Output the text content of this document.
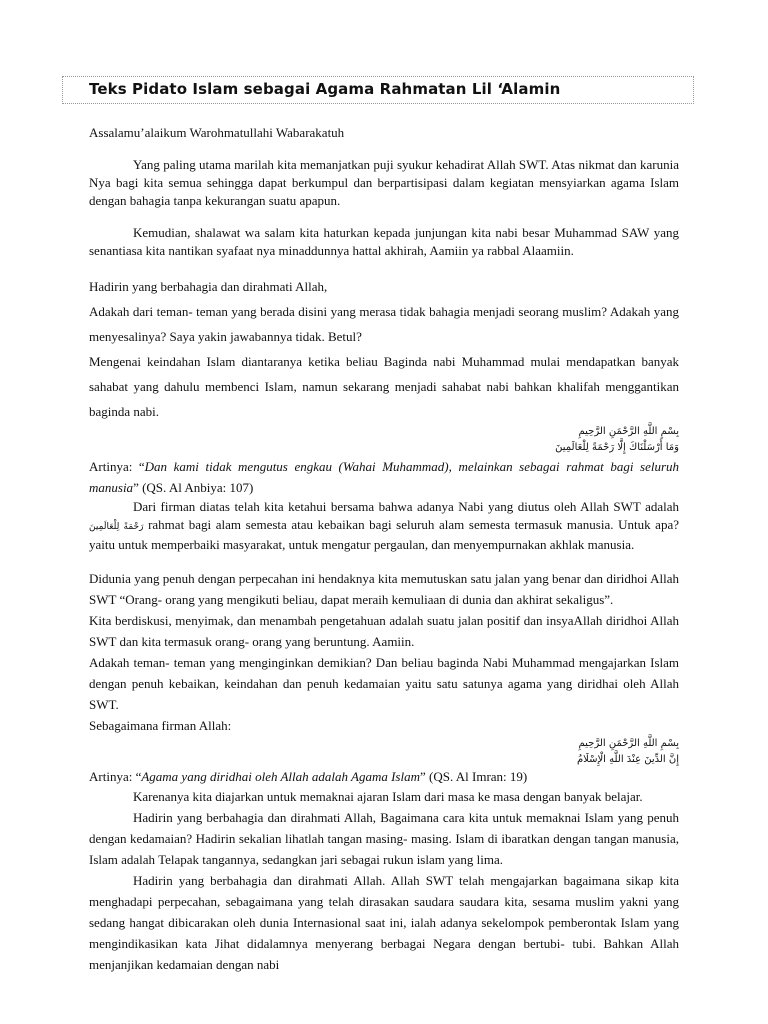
Teks Pidato Islam sebagai Agama Rahmatan Lil ‘Alamin

Assalamu’alaikum Warohmatullahi Wabarakatuh

Yang paling utama marilah kita memanjatkan puji syukur kehadirat Allah SWT. Atas nikmat dan karunia Nya bagi kita semua sehingga dapat berkumpul dan berpartisipasi dalam kegiatan mensyiarkan agama Islam dengan bahagia tanpa kekurangan suatu apapun.

Kemudian, shalawat wa salam kita haturkan kepada junjungan kita nabi besar Muhammad SAW yang senantiasa kita nantikan syafaat nya minaddunnya hattal akhirah, Aamiin ya rabbal Alaamiin.

Hadirin yang berbahagia dan dirahmati Allah,

Adakah dari teman- teman yang berada disini yang merasa tidak bahagia menjadi seorang muslim? Adakah yang menyesalinya? Saya yakin jawabannya tidak. Betul?

Mengenai keindahan Islam diantaranya ketika beliau Baginda nabi Muhammad mulai mendapatkan banyak sahabat yang dahulu membenci Islam, namun sekarang menjadi sahabat nabi bahkan khalifah menggantikan baginda nabi.

بِسْمِ اللَّهِ الرَّحْمَنِ الرَّحِيمِ

وَمَا أَرْسَلْنَاكَ إِلَّا رَحْمَةً لِلْعَالَمِينَ

Artinya: “Dan kami tidak mengutus engkau (Wahai Muhammad), melainkan sebagai rahmat bagi seluruh manusia” (QS. Al Anbiya: 107)

Dari firman diatas telah kita ketahui bersama bahwa adanya Nabi yang diutus oleh Allah SWT adalah رَحْمَةً لِلْعَالَمِينَ rahmat bagi alam semesta atau kebaikan bagi seluruh alam semesta termasuk manusia. Untuk apa? yaitu untuk memperbaiki masyarakat, untuk mengatur pergaulan, dan menyempurnakan akhlak manusia.

Didunia yang penuh dengan perpecahan ini hendaknya kita memutuskan satu jalan yang benar dan diridhoi Allah SWT “Orang- orang yang mengikuti beliau, dapat meraih kemuliaan di dunia dan akhirat sekaligus”.

Kita berdiskusi, menyimak, dan menambah pengetahuan adalah suatu jalan positif dan insyaAllah diridhoi Allah SWT dan kita termasuk orang- orang yang beruntung. Aamiin.

Adakah teman- teman yang menginginkan demikian? Dan beliau baginda Nabi Muhammad mengajarkan Islam dengan penuh kebaikan, keindahan dan penuh kedamaian yaitu satu satunya agama yang diridhai oleh Allah SWT.

Sebagaimana firman Allah:

بِسْمِ اللَّهِ الرَّحْمَنِ الرَّحِيمِ

إِنَّ الدِّينَ عِنْدَ اللَّهِ الْإِسْلَامُ

Artinya: “Agama yang diridhai oleh Allah adalah Agama Islam” (QS. Al Imran: 19)

Karenanya kita diajarkan untuk memaknai ajaran Islam dari masa ke masa dengan banyak belajar.

Hadirin yang berbahagia dan dirahmati Allah, Bagaimana cara kita untuk memaknai Islam yang penuh dengan kedamaian? Hadirin sekalian lihatlah tangan masing- masing. Islam di ibaratkan dengan tangan manusia, Islam adalah Telapak tangannya, sedangkan jari sebagai rukun islam yang lima.

Hadirin yang berbahagia dan dirahmati Allah. Allah SWT telah mengajarkan bagaimana sikap kita menghadapi perpecahan, sebagaimana yang telah dirasakan saudara saudara kita, sesama muslim yakni yang sedang hangat dibicarakan oleh dunia Internasional saat ini, ialah adanya sekelompok pemberontak Islam yang mengindikasikan kata Jihat didalamnya menyerang berbagai Negara dengan bertubi- tubi. Bahkan Allah menjanjikan kedamaian dengan nabi
